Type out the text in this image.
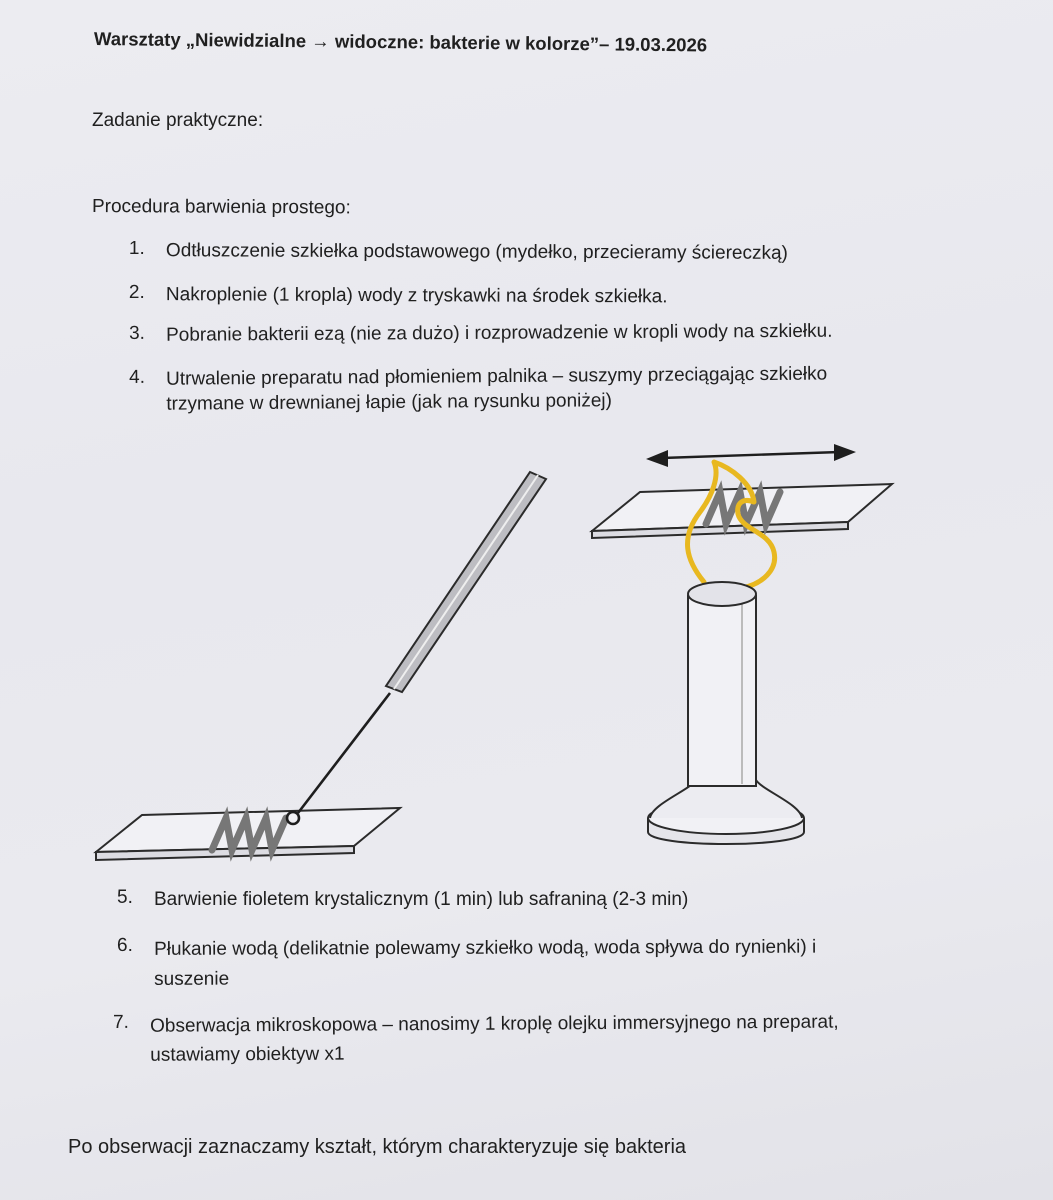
Warsztaty „Niewidzialne → widoczne: bakterie w kolorze”– 19.03.2026
Zadanie praktyczne:
Procedura barwienia prostego:
1. Odtłuszczenie szkiełka podstawowego (mydełko, przecieramy ściereczką)
2. Nakroplenie (1 kropla) wody z tryskawki na środek szkiełka.
3. Pobranie bakterii ezą (nie za dużo) i rozprowadzenie w kropli wody na szkiełku.
4. Utrwalenie preparatu nad płomieniem palnika – suszymy przeciągając szkiełko
trzymane w drewnianej łapie (jak na rysunku poniżej)
5. Barwienie fioletem krystalicznym (1 min) lub safraniną (2-3 min)
6. Płukanie wodą (delikatnie polewamy szkiełko wodą, woda spływa do rynienki) i
suszenie
7. Obserwacja mikroskopowa – nanosimy 1 kroplę olejku immersyjnego na preparat,
ustawiamy obiektyw x1
Po obserwacji zaznaczamy kształt, którym charakteryzuje się bakteria
